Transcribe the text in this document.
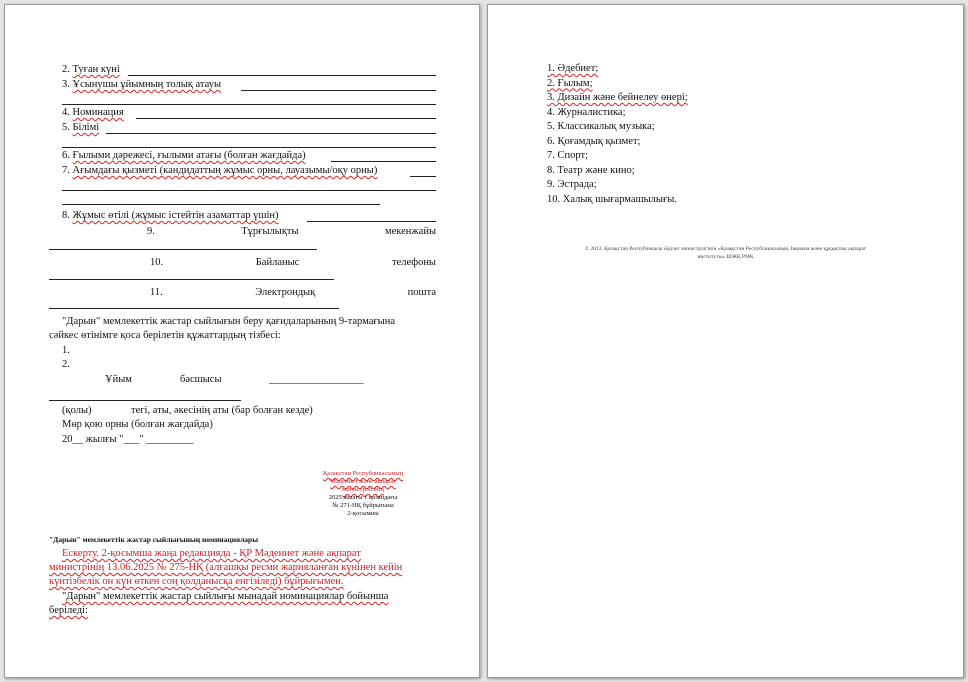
2. Туған күні
3. Ұсынушы ұйымның толық атауы
4. Номинация
5. Білімі
6. Ғылыми дәрежесі, ғылыми атағы (болған жағдайда)
7. Ағымдағы қызметі (кандидаттың жұмыс орны, лауазымы/оқу орны)
8. Жұмыс өтілі (жұмыс істейтін азаматтар үшін)
9.	Тұрғылықты	мекенжайы
10.	Байланыс	телефоны
11.	Электрондық	пошта
"Дарын" мемлекеттік жастар сыйлығын беру қағидаларының 9-тармағына
сәйкес өтінімге қоса берілетін құжаттардың тізбесі:
1.
2.
Ұйым	басшысы	__________________
(қолы)	тегі, аты, әкесінің аты (бар болған кезде)
Мөр қою орны (болған жағдайда)
20__ жылғы "___" _________
Қазақстан Республикасының
Мәдениет және ақпарат
министрлігінің
2025 жылғы 1 қазандағы
№ 271-НҚ бұйрығына
2-қосымша
"Дарын" мемлекеттік жастар сыйлығының номинациялары
Ескерту. 2-қосымша жаңа редакцияда - ҚР Мәдениет және ақпарат
министрінің 13.06.2025 № 275-НҚ (алғашқы ресми жарияланған күнінен кейін
күнтізбелік он күн өткен соң қолданысқа енгізіледі) бұйрығымен.
"Дарын" мемлекеттік жастар сыйлығы мынадай номинациялар бойынша
беріледі:
1. Әдебиет;
2. Ғылым;
3. Дизайн және бейнелеу өнері;
4. Журналистика;
5. Классикалық музыка;
6. Қоғамдық қызмет;
7. Спорт;
8. Театр және кино;
9. Эстрада;
10. Халық шығармашылығы.
© 2012. Қазақстан Республикасы Әділет министрлігінің «Қазақстан Республикасының Заңнама және құқықтық ақпарат
институты» ШЖҚ РМК
